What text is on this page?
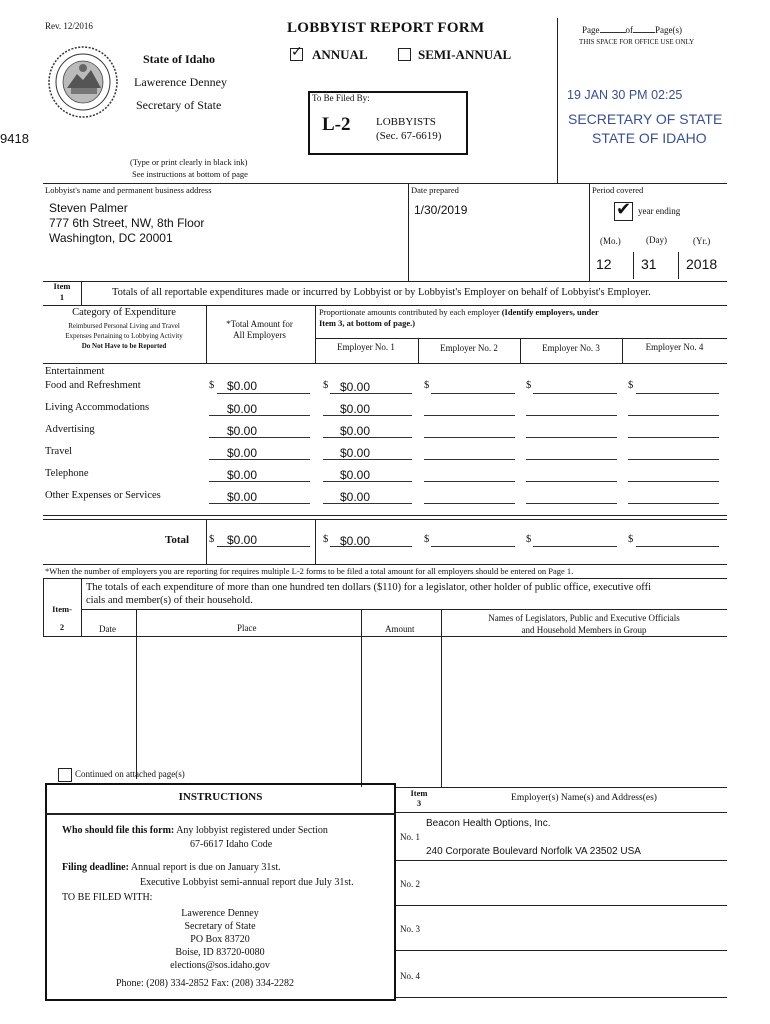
Rev. 12/2016	LOBBYIST REPORT FORM
✓ ANNUAL	SEMI-ANNUAL
State of Idaho
Lawerence Denney
Secretary of State	To Be Filed By:
L-2 LOBBYISTS
(Sec. 67-6619)
9418
(Type or print clearly in black ink)
See instructions at bottom of page
Page	of Page(s)
THIS SPACE FOR OFFICE USE ONLY
19 JAN 30 PM 02:25
SECRETARY OF STATE
STATE OF IDAHO
Lobbyist's name and permanent business address
Steven Palmer
777 6th Street, NW, 8th Floor
Washington, DC 20001
Date prepared
1/30/2019
Period covered
✔ year ending
(Mo.)	(Day)	(Yr.)
12 31 2018
Item
1	Totals of all reportable expenditures made or incurred by Lobbyist or by Lobbyist's Employer on behalf of Lobbyist's Employer.
Category of Expenditure
Reimbursed Personal Living and Travel
Expenses Pertaining to Lobbying Activity
Do Not Have to be Reported
*Total Amount for
All Employers
Proportionate amounts contributed by each employer (Identify employers, under
Item 3, at bottom of page.)
Employer No. 1	Employer No. 2	Employer No. 3	Employer No. 4
Entertainment
Food and Refreshment	$ $0.00	$ $0.00	$	$	$
Living Accommodations	$0.00	$0.00
Advertising	$0.00	$0.00
Travel	$0.00	$0.00
Telephone	$0.00	$0.00
Other Expenses or Services	$0.00	$0.00
Total $ $0.00	$ $0.00	$	$	$
*When the number of employers you are reporting for requires multiple L-2 forms to be filed a total amount for all employers should be entered on Page 1.
Item-
2
The totals of each expenditure of more than one hundred ten dollars ($110) for a legislator, other holder of public office, executive offi
cials and member(s) of their household.
Date	Place	Amount
Names of Legislators, Public and Executive Officials
and Household Members in Group
Continued on attached page(s)
INSTRUCTIONS
Who should file this form: Any lobbyist registered under Section
67-6617 Idaho Code
Filing deadline: Annual report is due on January 31st.
Executive Lobbyist semi-annual report due July 31st.
TO BE FILED WITH:
Lawerence Denney
Secretary of State
PO Box 83720
Boise, ID 83720-0080
elections@sos.idaho.gov
Phone: (208) 334-2852 Fax: (208) 334-2282
Item
3	Employer(s) Name(s) and Address(es)
No. 1
Beacon Health Options, Inc.
240 Corporate Boulevard Norfolk VA 23502 USA
No. 2
No. 3
No. 4
